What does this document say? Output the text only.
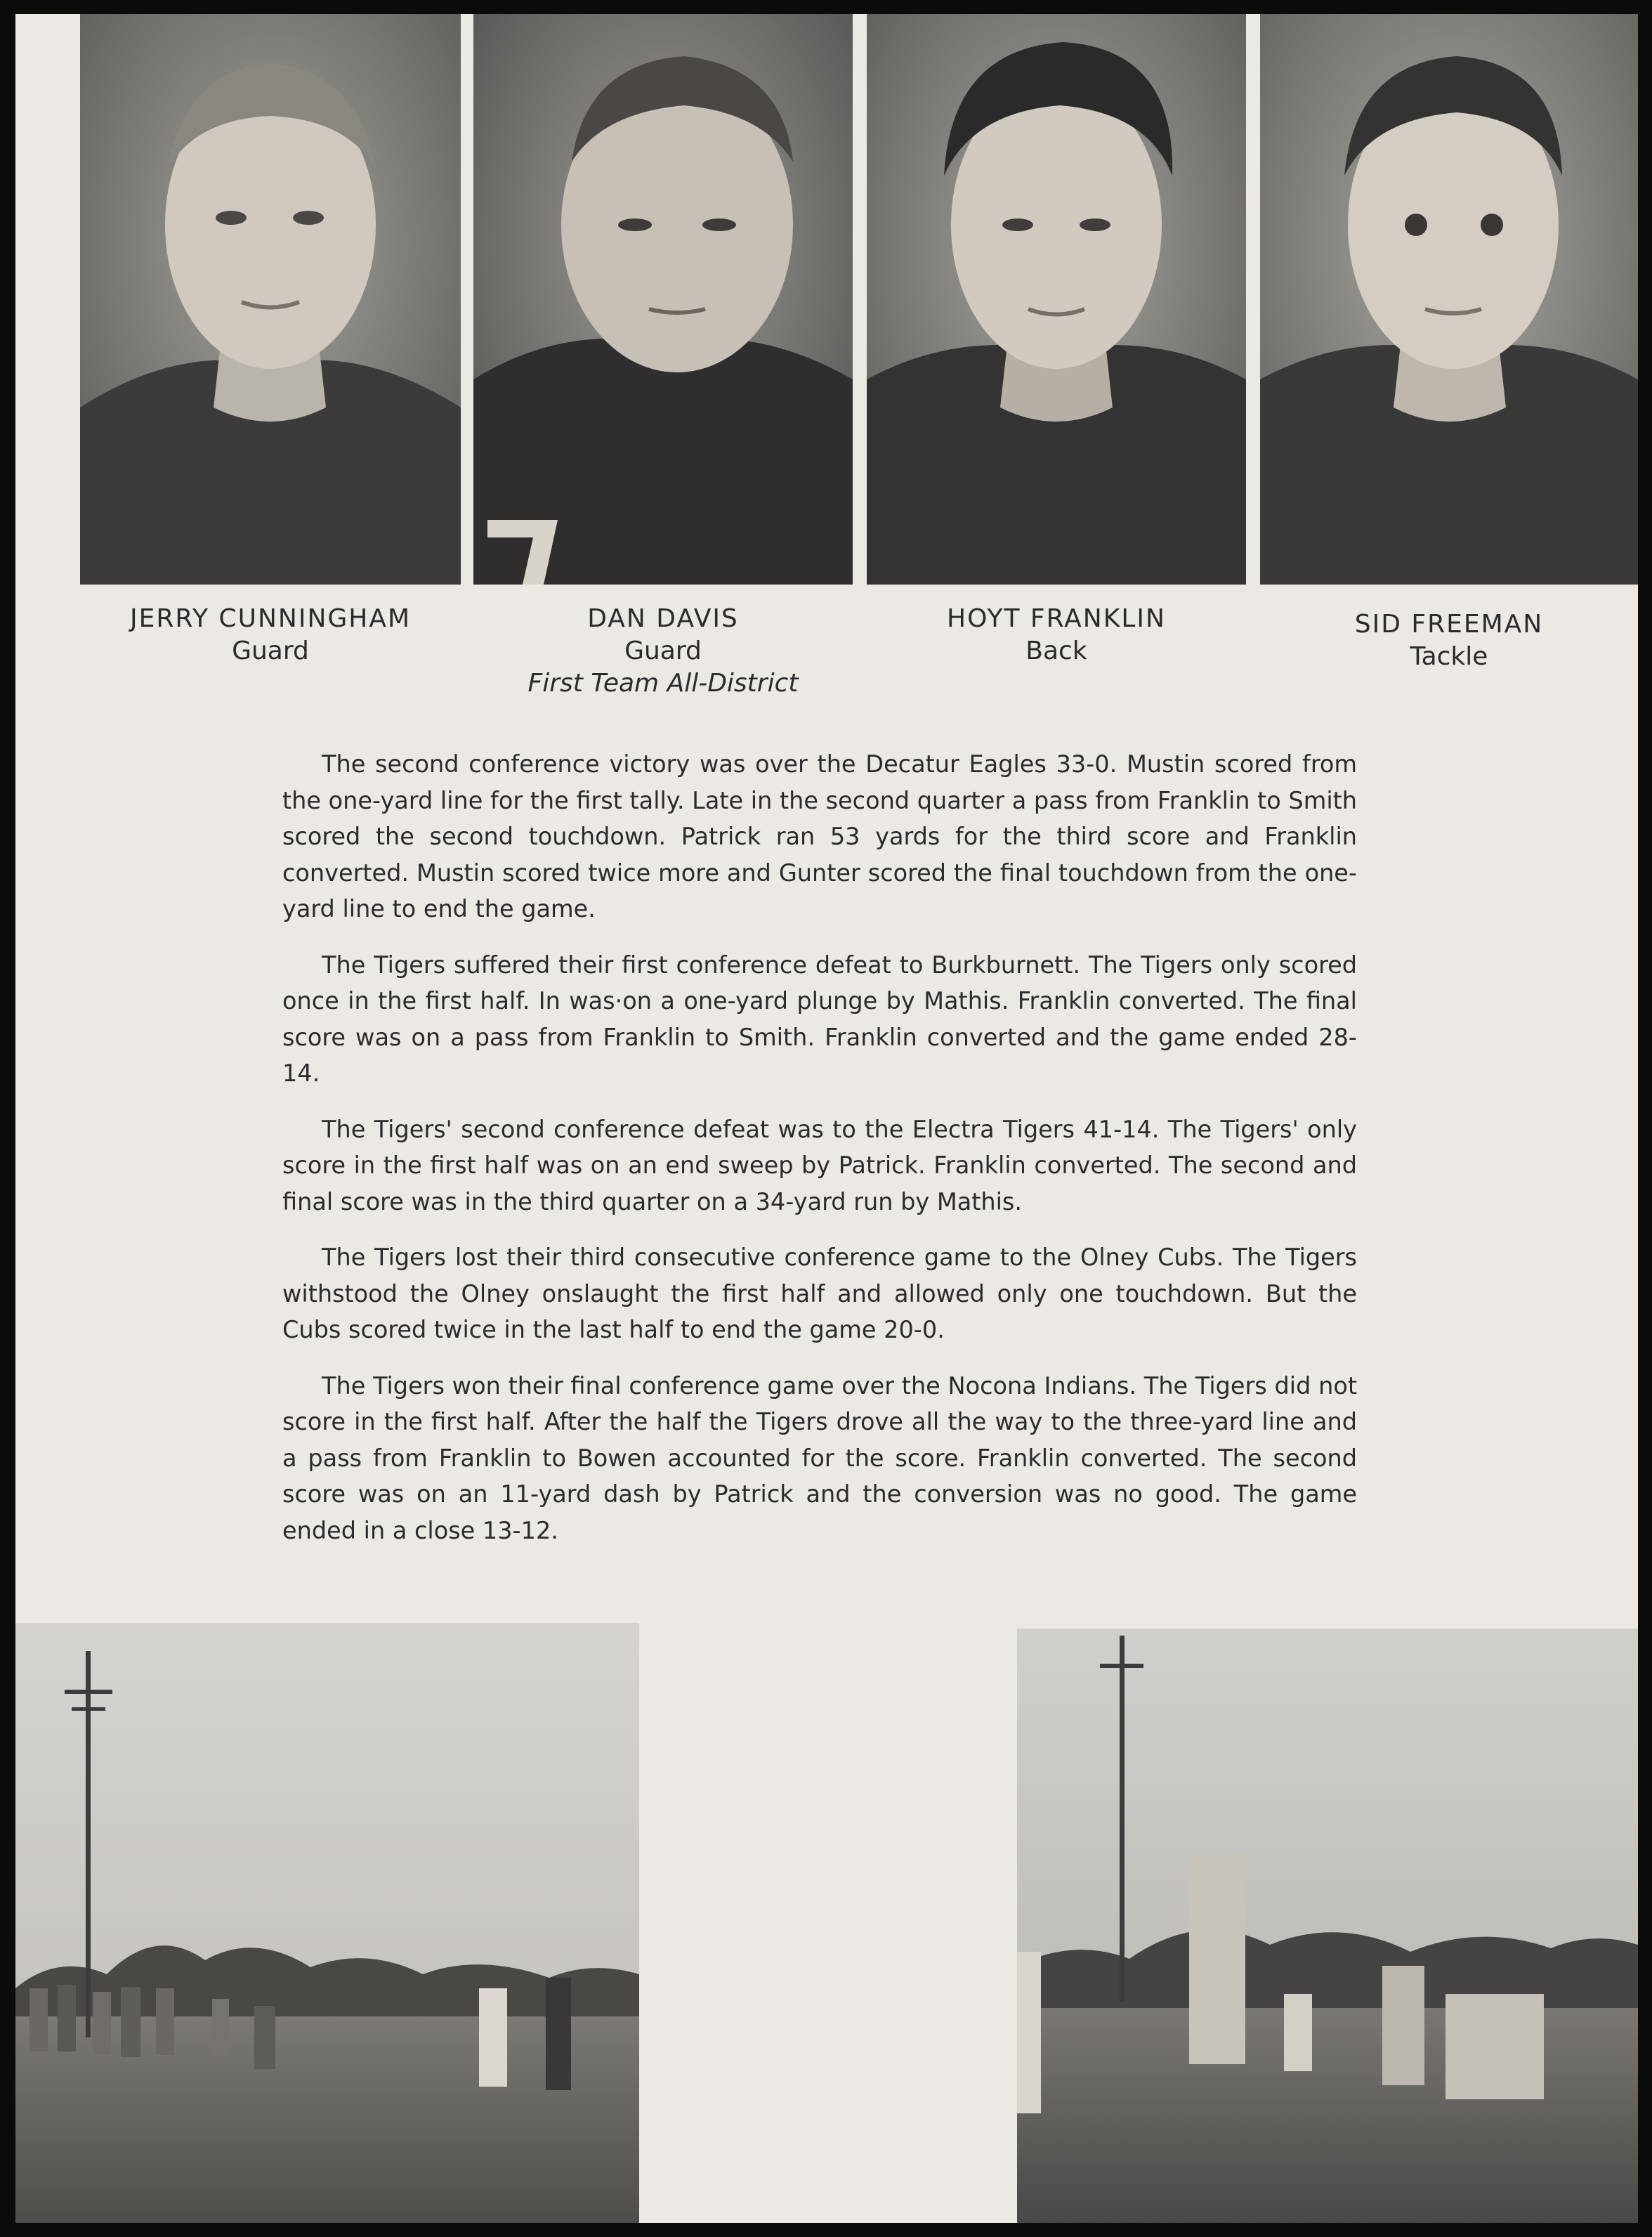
JERRY CUNNINGHAM
Guard
DAN DAVIS
Guard
First Team All-District
HOYT FRANKLIN
Back
SID FREEMAN
Tackle

The second conference victory was over the Decatur Eagles 33-0. Mustin scored from the one-yard line for the first tally. Late in the second quarter a pass from Franklin to Smith scored the second touchdown. Patrick ran 53 yards for the third score and Franklin converted. Mustin scored twice more and Gunter scored the final touchdown from the one-yard line to end the game.

The Tigers suffered their first conference defeat to Burkburnett. The Tigers only scored once in the first half. In was·on a one-yard plunge by Mathis. Franklin converted. The final score was on a pass from Franklin to Smith. Franklin converted and the game ended 28-14.

The Tigers' second conference defeat was to the Electra Tigers 41-14. The Tigers' only score in the first half was on an end sweep by Patrick. Franklin converted. The second and final score was in the third quarter on a 34-yard run by Mathis.

The Tigers lost their third consecutive conference game to the Olney Cubs. The Tigers withstood the Olney onslaught the first half and allowed only one touchdown. But the Cubs scored twice in the last half to end the game 20-0.

The Tigers won their final conference game over the Nocona Indians. The Tigers did not score in the first half. After the half the Tigers drove all the way to the three-yard line and a pass from Franklin to Bowen accounted for the score. Franklin converted. The second score was on an 11-yard dash by Patrick and the conversion was no good. The game ended in a close 13-12.
